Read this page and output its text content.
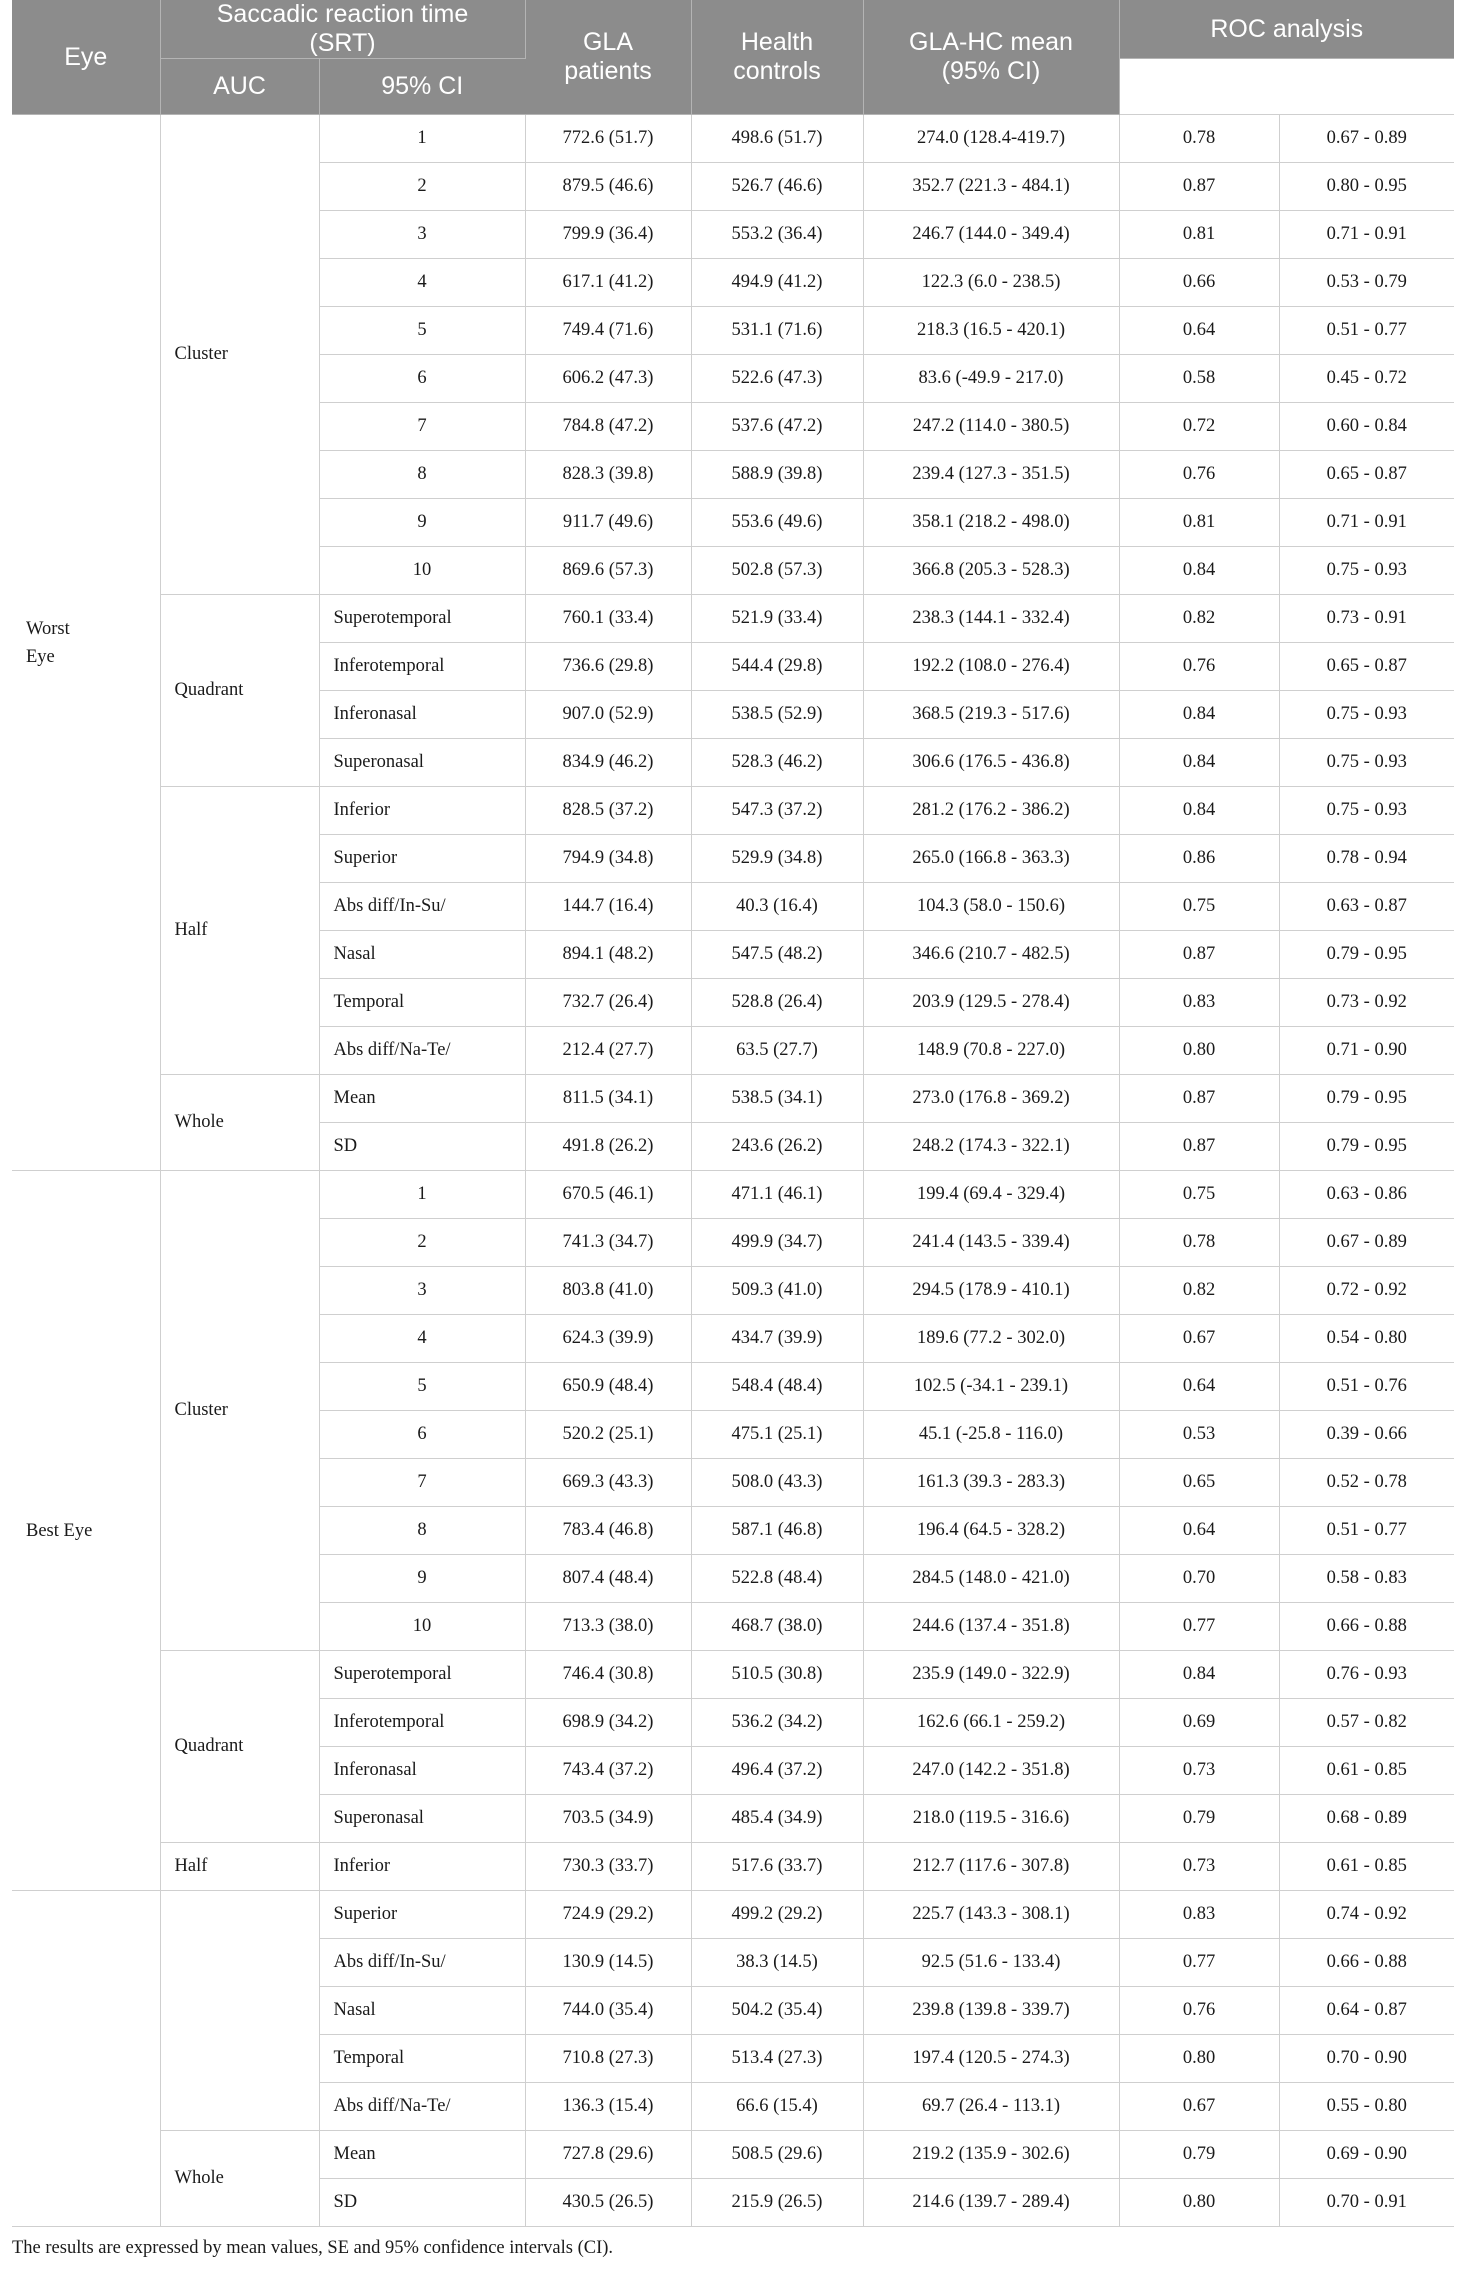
Eye	Saccadic reaction time (SRT)		GLA patients	Health controls	GLA-HC mean (95% CI)	ROC analysis	
	AUC	95% CI					

Worst Eye	Cluster	1	772.6 (51.7)	498.6 (51.7)	274.0 (128.4-419.7)	0.78	0.67 - 0.89
		2	879.5 (46.6)	526.7 (46.6)	352.7 (221.3 - 484.1)	0.87	0.80 - 0.95
		3	799.9 (36.4)	553.2 (36.4)	246.7 (144.0 - 349.4)	0.81	0.71 - 0.91
		4	617.1 (41.2)	494.9 (41.2)	122.3 (6.0 - 238.5)	0.66	0.53 - 0.79
		5	749.4 (71.6)	531.1 (71.6)	218.3 (16.5 - 420.1)	0.64	0.51 - 0.77
		6	606.2 (47.3)	522.6 (47.3)	83.6 (-49.9 - 217.0)	0.58	0.45 - 0.72
		7	784.8 (47.2)	537.6 (47.2)	247.2 (114.0 - 380.5)	0.72	0.60 - 0.84
		8	828.3 (39.8)	588.9 (39.8)	239.4 (127.3 - 351.5)	0.76	0.65 - 0.87
		9	911.7 (49.6)	553.6 (49.6)	358.1 (218.2 - 498.0)	0.81	0.71 - 0.91
		10	869.6 (57.3)	502.8 (57.3)	366.8 (205.3 - 528.3)	0.84	0.75 - 0.93
	Quadrant	Superotemporal	760.1 (33.4)	521.9 (33.4)	238.3 (144.1 - 332.4)	0.82	0.73 - 0.91
		Inferotemporal	736.6 (29.8)	544.4 (29.8)	192.2 (108.0 - 276.4)	0.76	0.65 - 0.87
		Inferonasal	907.0 (52.9)	538.5 (52.9)	368.5 (219.3 - 517.6)	0.84	0.75 - 0.93
		Superonasal	834.9 (46.2)	528.3 (46.2)	306.6 (176.5 - 436.8)	0.84	0.75 - 0.93
	Half	Inferior	828.5 (37.2)	547.3 (37.2)	281.2 (176.2 - 386.2)	0.84	0.75 - 0.93
		Superior	794.9 (34.8)	529.9 (34.8)	265.0 (166.8 - 363.3)	0.86	0.78 - 0.94
		Abs diff/In-Su/	144.7 (16.4)	40.3 (16.4)	104.3 (58.0 - 150.6)	0.75	0.63 - 0.87
		Nasal	894.1 (48.2)	547.5 (48.2)	346.6 (210.7 - 482.5)	0.87	0.79 - 0.95
		Temporal	732.7 (26.4)	528.8 (26.4)	203.9 (129.5 - 278.4)	0.83	0.73 - 0.92
		Abs diff/Na-Te/	212.4 (27.7)	63.5 (27.7)	148.9 (70.8 - 227.0)	0.80	0.71 - 0.90
	Whole	Mean	811.5 (34.1)	538.5 (34.1)	273.0 (176.8 - 369.2)	0.87	0.79 - 0.95
		SD	491.8 (26.2)	243.6 (26.2)	248.2 (174.3 - 322.1)	0.87	0.79 - 0.95

Best Eye	Cluster	1	670.5 (46.1)	471.1 (46.1)	199.4 (69.4 - 329.4)	0.75	0.63 - 0.86
		2	741.3 (34.7)	499.9 (34.7)	241.4 (143.5 - 339.4)	0.78	0.67 - 0.89
		3	803.8 (41.0)	509.3 (41.0)	294.5 (178.9 - 410.1)	0.82	0.72 - 0.92
		4	624.3 (39.9)	434.7 (39.9)	189.6 (77.2 - 302.0)	0.67	0.54 - 0.80
		5	650.9 (48.4)	548.4 (48.4)	102.5 (-34.1 - 239.1)	0.64	0.51 - 0.76
		6	520.2 (25.1)	475.1 (25.1)	45.1 (-25.8 - 116.0)	0.53	0.39 - 0.66
		7	669.3 (43.3)	508.0 (43.3)	161.3 (39.3 - 283.3)	0.65	0.52 - 0.78
		8	783.4 (46.8)	587.1 (46.8)	196.4 (64.5 - 328.2)	0.64	0.51 - 0.77
		9	807.4 (48.4)	522.8 (48.4)	284.5 (148.0 - 421.0)	0.70	0.58 - 0.83
		10	713.3 (38.0)	468.7 (38.0)	244.6 (137.4 - 351.8)	0.77	0.66 - 0.88
	Quadrant	Superotemporal	746.4 (30.8)	510.5 (30.8)	235.9 (149.0 - 322.9)	0.84	0.76 - 0.93
		Inferotemporal	698.9 (34.2)	536.2 (34.2)	162.6 (66.1 - 259.2)	0.69	0.57 - 0.82
		Inferonasal	743.4 (37.2)	496.4 (37.2)	247.0 (142.2 - 351.8)	0.73	0.61 - 0.85
		Superonasal	703.5 (34.9)	485.4 (34.9)	218.0 (119.5 - 316.6)	0.79	0.68 - 0.89
	Half	Inferior	730.3 (33.7)	517.6 (33.7)	212.7 (117.6 - 307.8)	0.73	0.61 - 0.85

		Superior	724.9 (29.2)	499.2 (29.2)	225.7 (143.3 - 308.1)	0.83	0.74 - 0.92
		Abs diff/In-Su/	130.9 (14.5)	38.3 (14.5)	92.5 (51.6 - 133.4)	0.77	0.66 - 0.88
		Nasal	744.0 (35.4)	504.2 (35.4)	239.8 (139.8 - 339.7)	0.76	0.64 - 0.87
		Temporal	710.8 (27.3)	513.4 (27.3)	197.4 (120.5 - 274.3)	0.80	0.70 - 0.90
		Abs diff/Na-Te/	136.3 (15.4)	66.6 (15.4)	69.7 (26.4 - 113.1)	0.67	0.55 - 0.80
	Whole	Mean	727.8 (29.6)	508.5 (29.6)	219.2 (135.9 - 302.6)	0.79	0.69 - 0.90
		SD	430.5 (26.5)	215.9 (26.5)	214.6 (139.7 - 289.4)	0.80	0.70 - 0.91
The results are expressed by mean values, SE and 95% confidence intervals (CI).
